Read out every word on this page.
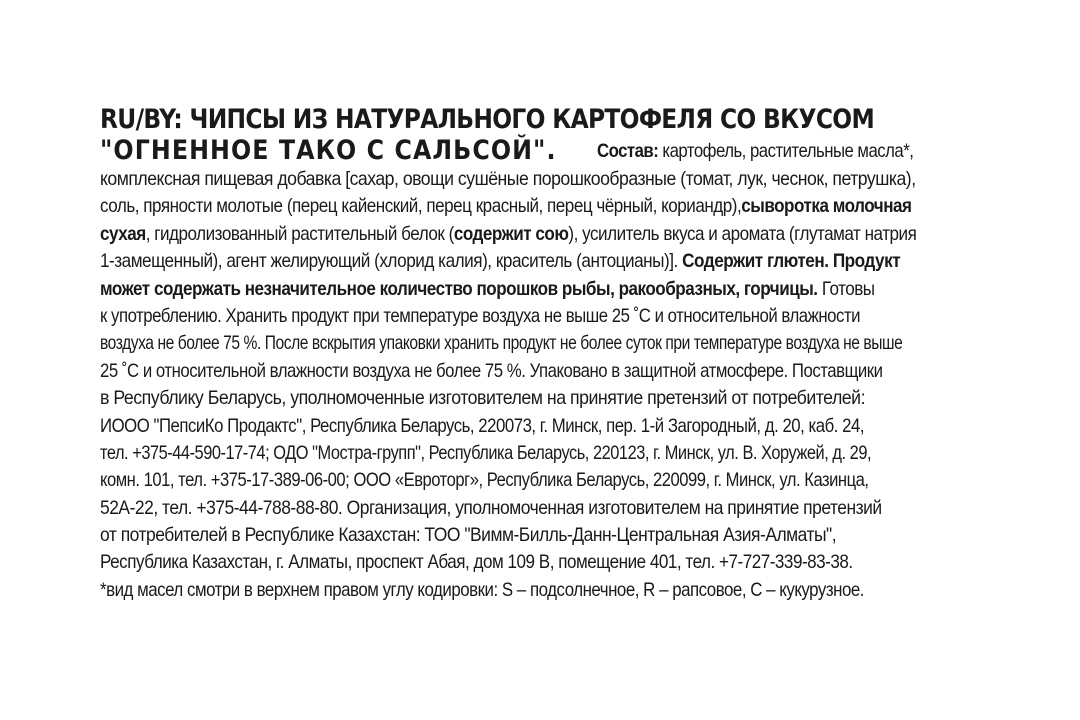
RU/BY: ЧИПСЫ ИЗ НАТУРАЛЬНОГО КАРТОФЕЛЯ СО ВКУСОМ
"ОГНЕННОЕ ТАКО С САЛЬСОЙ". Состав: картофель, растительные масла*,
комплексная пищевая добавка [сахар, овощи сушёные порошкообразные (томат, лук, чеснок, петрушка),
соль, пряности молотые (перец кайенский, перец красный, перец чёрный, кориандр),сыворотка молочная
сухая, гидролизованный растительный белок (содержит сою), усилитель вкуса и аромата (глутамат натрия
1-замещенный), агент желирующий (хлорид калия), краситель (антоцианы)]. Содержит глютен. Продукт
может содержать незначительное количество порошков рыбы, ракообразных, горчицы. Готовы
к употреблению. Хранить продукт при температуре воздуха не выше 25 ˚С и относительной влажности
воздуха не более 75 %. После вскрытия упаковки хранить продукт не более суток при температуре воздуха не выше
25 ˚С и относительной влажности воздуха не более 75 %. Упаковано в защитной атмосфере. Поставщики
в Республику Беларусь, уполномоченные изготовителем на принятие претензий от потребителей:
ИООО "ПепсиКо Продактс", Республика Беларусь, 220073, г. Минск, пер. 1-й Загородный, д. 20, каб. 24,
тел. +375-44-590-17-74; ОДО "Мостра-групп", Республика Беларусь, 220123, г. Минск, ул. В. Хоружей, д. 29,
комн. 101, тел. +375-17-389-06-00; ООО «Евроторг», Республика Беларусь, 220099, г. Минск, ул. Казинца,
52А-22, тел. +375-44-788-88-80. Организация, уполномоченная изготовителем на принятие претензий
от потребителей в Республике Казахстан: ТОО "Вимм-Билль-Данн-Центральная Азия-Алматы",
Республика Казахстан, г. Алматы, проспект Абая, дом 109 В, помещение 401, тел. +7-727-339-83-38.
*вид масел смотри в верхнем правом углу кодировки: S – подсолнечное, R – рапсовое, C – кукурузное.
